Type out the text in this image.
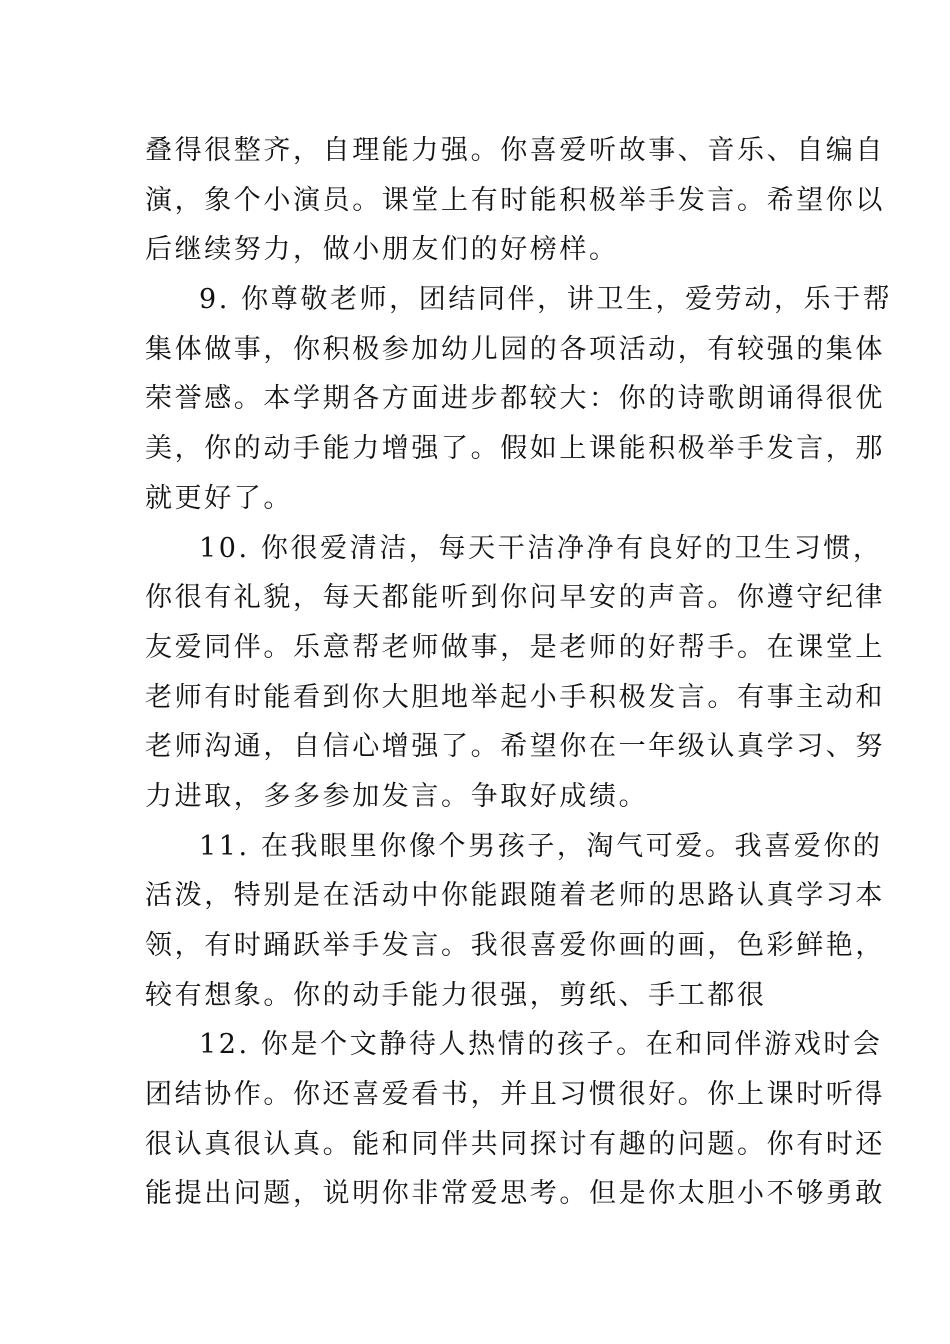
叠得很整齐，自理能力强。你喜爱听故事、音乐、自编自
演，象个小演员。课堂上有时能积极举手发言。希望你以
后继续努力，做小朋友们的好榜样。
9. 你尊敬老师，团结同伴，讲卫生，爱劳动，乐于帮
集体做事，你积极参加幼儿园的各项活动，有较强的集体
荣誉感。本学期各方面进步都较大：你的诗歌朗诵得很优
美，你的动手能力增强了。假如上课能积极举手发言，那
就更好了。
10. 你很爱清洁，每天干洁净净有良好的卫生习惯，
你很有礼貌，每天都能听到你问早安的声音。你遵守纪律
友爱同伴。乐意帮老师做事，是老师的好帮手。在课堂上
老师有时能看到你大胆地举起小手积极发言。有事主动和
老师沟通，自信心增强了。希望你在一年级认真学习、努
力进取，多多参加发言。争取好成绩。
11. 在我眼里你像个男孩子，淘气可爱。我喜爱你的
活泼，特别是在活动中你能跟随着老师的思路认真学习本
领，有时踊跃举手发言。我很喜爱你画的画，色彩鲜艳，
较有想象。你的动手能力很强，剪纸、手工都很
12. 你是个文静待人热情的孩子。在和同伴游戏时会
团结协作。你还喜爱看书，并且习惯很好。你上课时听得
很认真很认真。能和同伴共同探讨有趣的问题。你有时还
能提出问题，说明你非常爱思考。但是你太胆小不够勇敢
